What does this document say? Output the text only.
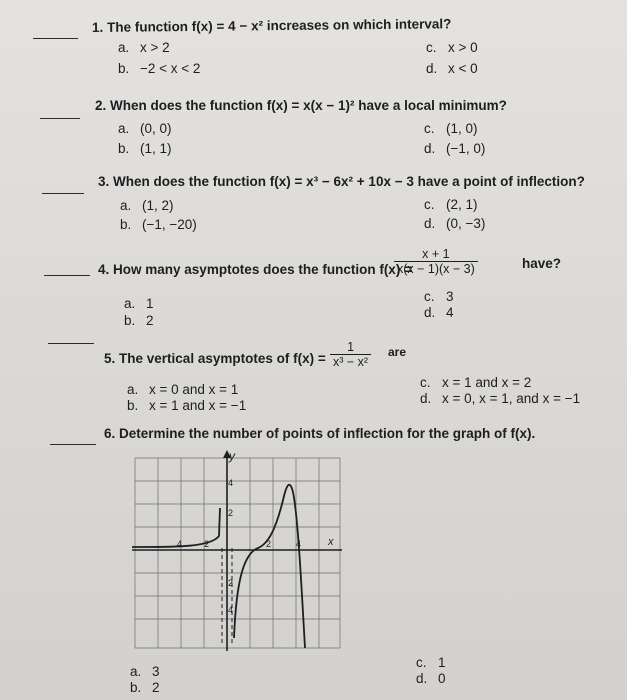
1. The function f(x) = 4 − x² increases on which interval?
a. x > 2
b. −2 < x < 2
c. x > 0
d. x < 0
2. When does the function f(x) = x(x − 1)² have a local minimum?
a. (0, 0)
b. (1, 1)
c. (1, 0)
d. (−1, 0)
3. When does the function f(x) = x³ − 6x² + 10x − 3 have a point of inflection?
a. (1, 2)
b. (−1, −20)
c. (2, 1)
d. (0, −3)
4. How many asymptotes does the function f(x) =
$\frac{x + 1}{x(x - 1)(x - 3)}$	have?
a. 1
b. 2
c. 3
d. 4
5. The vertical asymptotes of $f(x) = \frac{1}{\text{x³ − x²}}$ are
a. x = 0 and x = 1
b. x = 1 and x = −1
c. x = 1 and x = 2
d. x = 0, x = 1, and x = −1
6. Determine the number of points of inflection for the graph of f(x).
y
x
4 2	2	4
4
2
2
4
a. 3
b. 2
c. 1
d. 0
